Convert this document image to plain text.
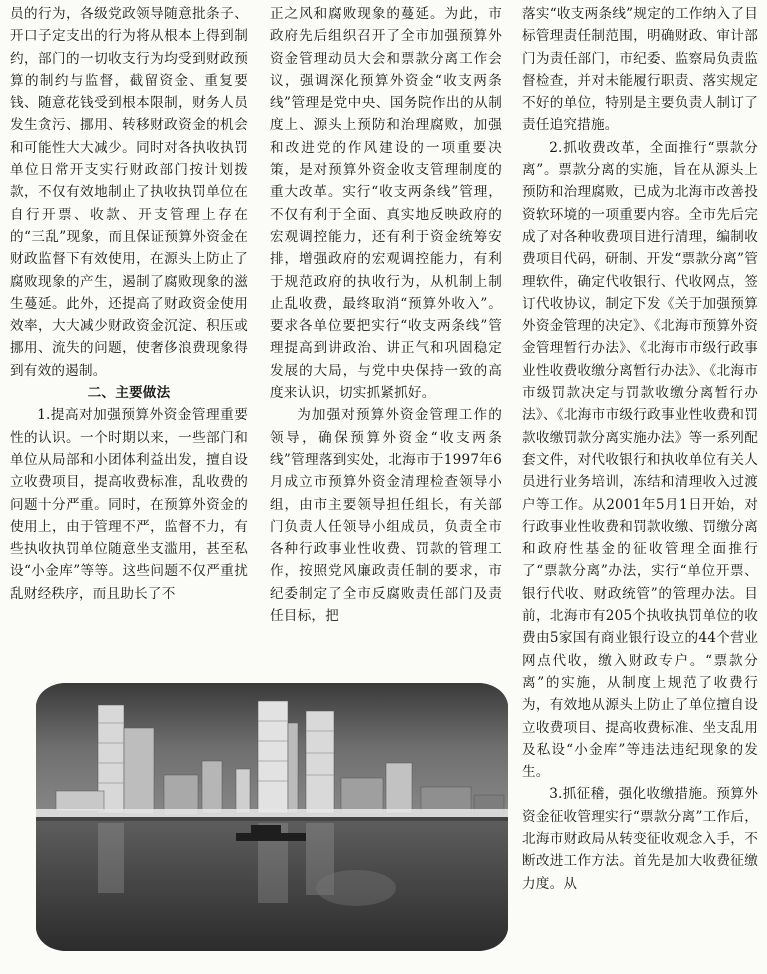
员的行为，各级党政领导随意批条子、开口子定支出的行为将从根本上得到制约，部门的一切收支行为均受到财政预算的制约与监督，截留资金、重复要钱、随意花钱受到根本限制，财务人员发生贪污、挪用、转移财政资金的机会和可能性大大减少。同时对各执收执罚单位日常开支实行财政部门按计划拨款，不仅有效地制止了执收执罚单位在自行开票、收款、开支管理上存在的“三乱”现象，而且保证预算外资金在财政监督下有效使用，在源头上防止了腐败现象的产生，遏制了腐败现象的滋生蔓延。此外，还提高了财政资金使用效率，大大减少财政资金沉淀、积压或挪用、流失的问题，使奢侈浪费现象得到有效的遏制。

二、主要做法

1.提高对加强预算外资金管理重要性的认识。一个时期以来，一些部门和单位从局部和小团体利益出发，擅自设立收费项目，提高收费标准，乱收费的问题十分严重。同时，在预算外资金的使用上，由于管理不严，监督不力，有些执收执罚单位随意坐支滥用，甚至私设“小金库”等等。这些问题不仅严重扰乱财经秩序，而且助长了不

正之风和腐败现象的蔓延。为此，市政府先后组织召开了全市加强预算外资金管理动员大会和票款分离工作会议，强调深化预算外资金“收支两条线”管理是党中央、国务院作出的从制度上、源头上预防和治理腐败，加强和改进党的作风建设的一项重要决策，是对预算外资金收支管理制度的重大改革。实行“收支两条线”管理，不仅有利于全面、真实地反映政府的宏观调控能力，还有利于资金统筹安排，增强政府的宏观调控能力，有利于规范政府的执收行为，从机制上制止乱收费，最终取消“预算外收入”。要求各单位要把实行“收支两条线”管理提高到讲政治、讲正气和巩固稳定发展的大局，与党中央保持一致的高度来认识，切实抓紧抓好。

为加强对预算外资金管理工作的领导，确保预算外资金“收支两条线”管理落到实处，北海市于1997年6月成立市预算外资金清理检查领导小组，由市主要领导担任组长，有关部门负责人任领导小组成员，负责全市各种行政事业性收费、罚款的管理工作，按照党风廉政责任制的要求，市纪委制定了全市反腐败责任部门及责任目标，把

落实“收支两条线”规定的工作纳入了目标管理责任制范围，明确财政、审计部门为责任部门，市纪委、监察局负责监督检查，并对未能履行职责、落实规定不好的单位，特别是主要负责人制订了责任追究措施。

2.抓收费改革，全面推行“票款分离”。票款分离的实施，旨在从源头上预防和治理腐败，已成为北海市改善投资软环境的一项重要内容。全市先后完成了对各种收费项目进行清理，编制收费项目代码，研制、开发“票款分离”管理软件，确定代收银行、代收网点，签订代收协议，制定下发《关于加强预算外资金管理的决定》、《北海市预算外资金管理暂行办法》、《北海市市级行政事业性收费收缴分离暂行办法》、《北海市市级罚款决定与罚款收缴分离暂行办法》、《北海市市级行政事业性收费和罚款收缴罚款分离实施办法》等一系列配套文件，对代收银行和执收单位有关人员进行业务培训，冻结和清理收入过渡户等工作。从2001年5月1日开始，对行政事业性收费和罚款收缴、罚缴分离和政府性基金的征收管理全面推行了“票款分离”办法，实行“单位开票、银行代收、财政统管”的管理办法。目前，北海市有205个执收执罚单位的收费由5家国有商业银行设立的44个营业网点代收，缴入财政专户。“票款分离”的实施，从制度上规范了收费行为，有效地从源头上防止了单位擅自设立收费项目、提高收费标准、坐支乱用及私设“小金库”等违法违纪现象的发生。

3.抓征稽，强化收缴措施。预算外资金征收管理实行“票款分离”工作后，北海市财政局从转变征收观念入手，不断改进工作方法。首先是加大收费征缴力度。从
